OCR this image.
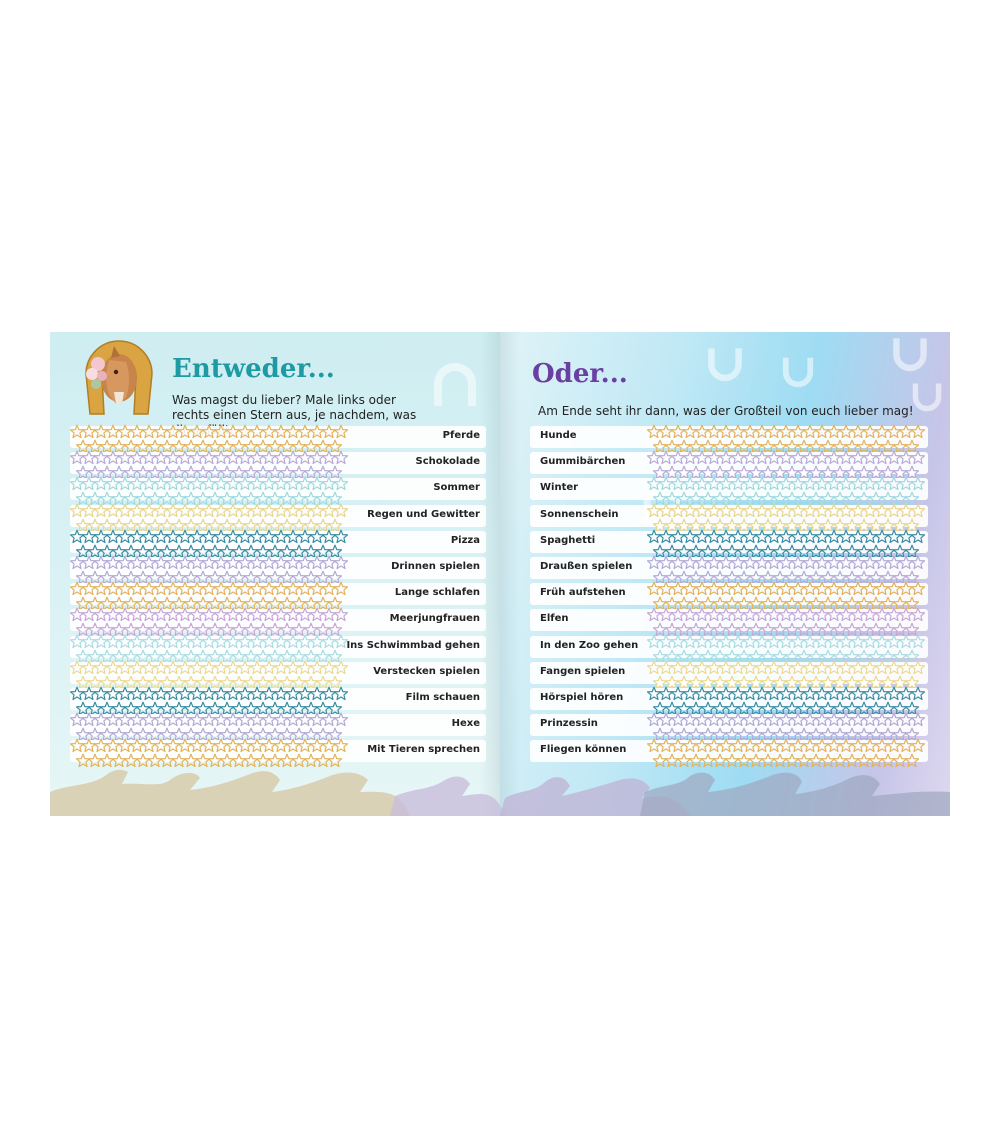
Entweder...
Was magst du lieber? Male links oder rechts einen Stern aus, je nachdem, was
Oder...
Am Ende seht ihr dann, was der Großteil von euch lieber mag!
Pferde
Schokolade
Sommer
Regen und Gewitter
Pizza
Drinnen spielen
Lange schlafen
Meerjungfrauen
Ins Schwimmbad gehen
Verstecken spielen
Film schauen
Hexe
Mit Tieren sprechen
Hunde
Gummibärchen
Winter
Sonnenschein
Spaghetti
Draußen spielen
Früh aufstehen
Elfen
In den Zoo gehen
Fangen spielen
Hörspiel hören
Prinzessin
Fliegen können
